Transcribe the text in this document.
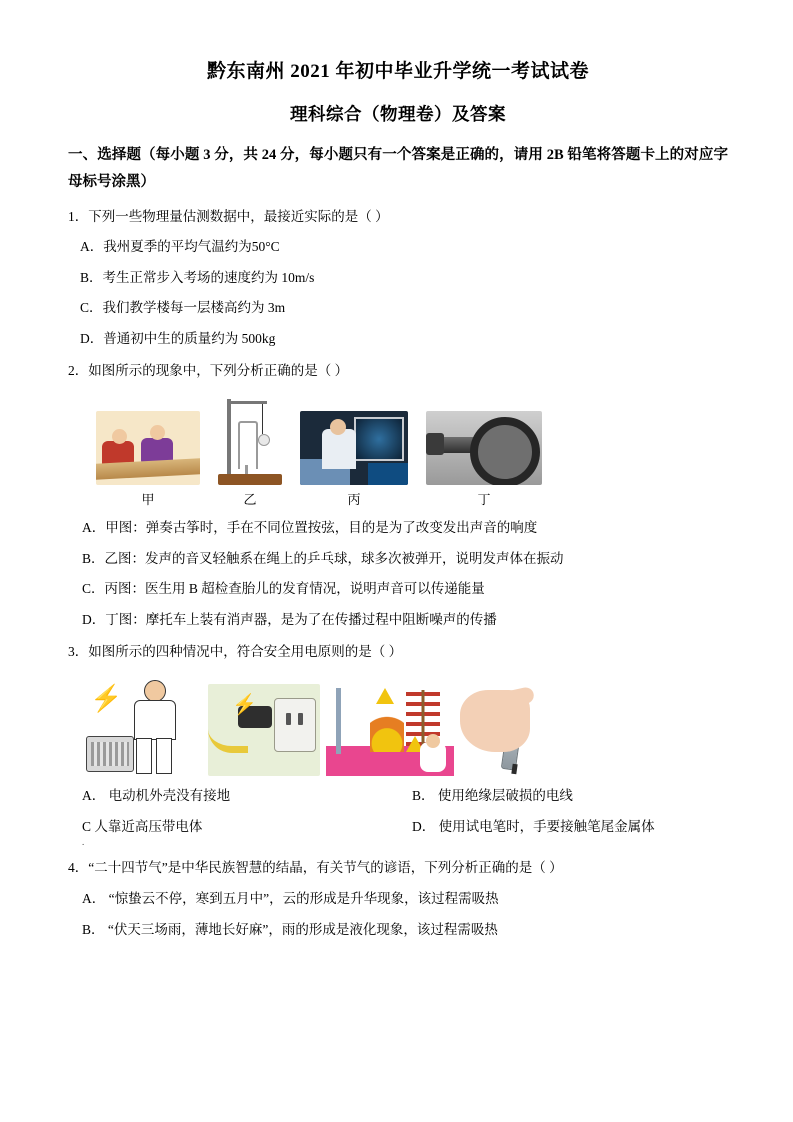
黔东南州 2021 年初中毕业升学统一考试试卷
理科综合（物理卷）及答案
一、选择题（每小题 3 分，共 24 分，每小题只有一个答案是正确的，请用 2B 铅笔将答题卡上的对应字母标号涂黑）
1．下列一些物理量估测数据中，最接近实际的是（ ）
A．我州夏季的平均气温约为50°C
B．考生正常步入考场的速度约为 10m/s
C．我们教学楼每一层楼高约为 3m
D．普通初中生的质量约为 500kg
2．如图所示的现象中，下列分析正确的是（ ）
甲	乙	丙	丁
A．甲图：弹奏古筝时，手在不同位置按弦，目的是为了改变发出声音的响度
B．乙图：发声的音叉轻触系在绳上的乒乓球，球多次被弹开，说明发声体在振动
C．丙图：医生用 B 超检查胎儿的发育情况，说明声音可以传递能量
D．丁图：摩托车上装有消声器，是为了在传播过程中阻断噪声的传播
3．如图所示的四种情况中，符合安全用电原则的是（ ）
⚡	⚡
A． 电动机外壳没有接地	B． 使用绝缘层破损的电线
C 人靠近高压带电体	D． 使用试电笔时，手要接触笔尾金属体
.
4．“二十四节气”是中华民族智慧的结晶，有关节气的谚语，下列分析正确的是（ ）
A． “惊蛰云不停，寒到五月中”，云的形成是升华现象，该过程需吸热
B． “伏天三场雨，薄地长好麻”，雨的形成是液化现象，该过程需吸热
